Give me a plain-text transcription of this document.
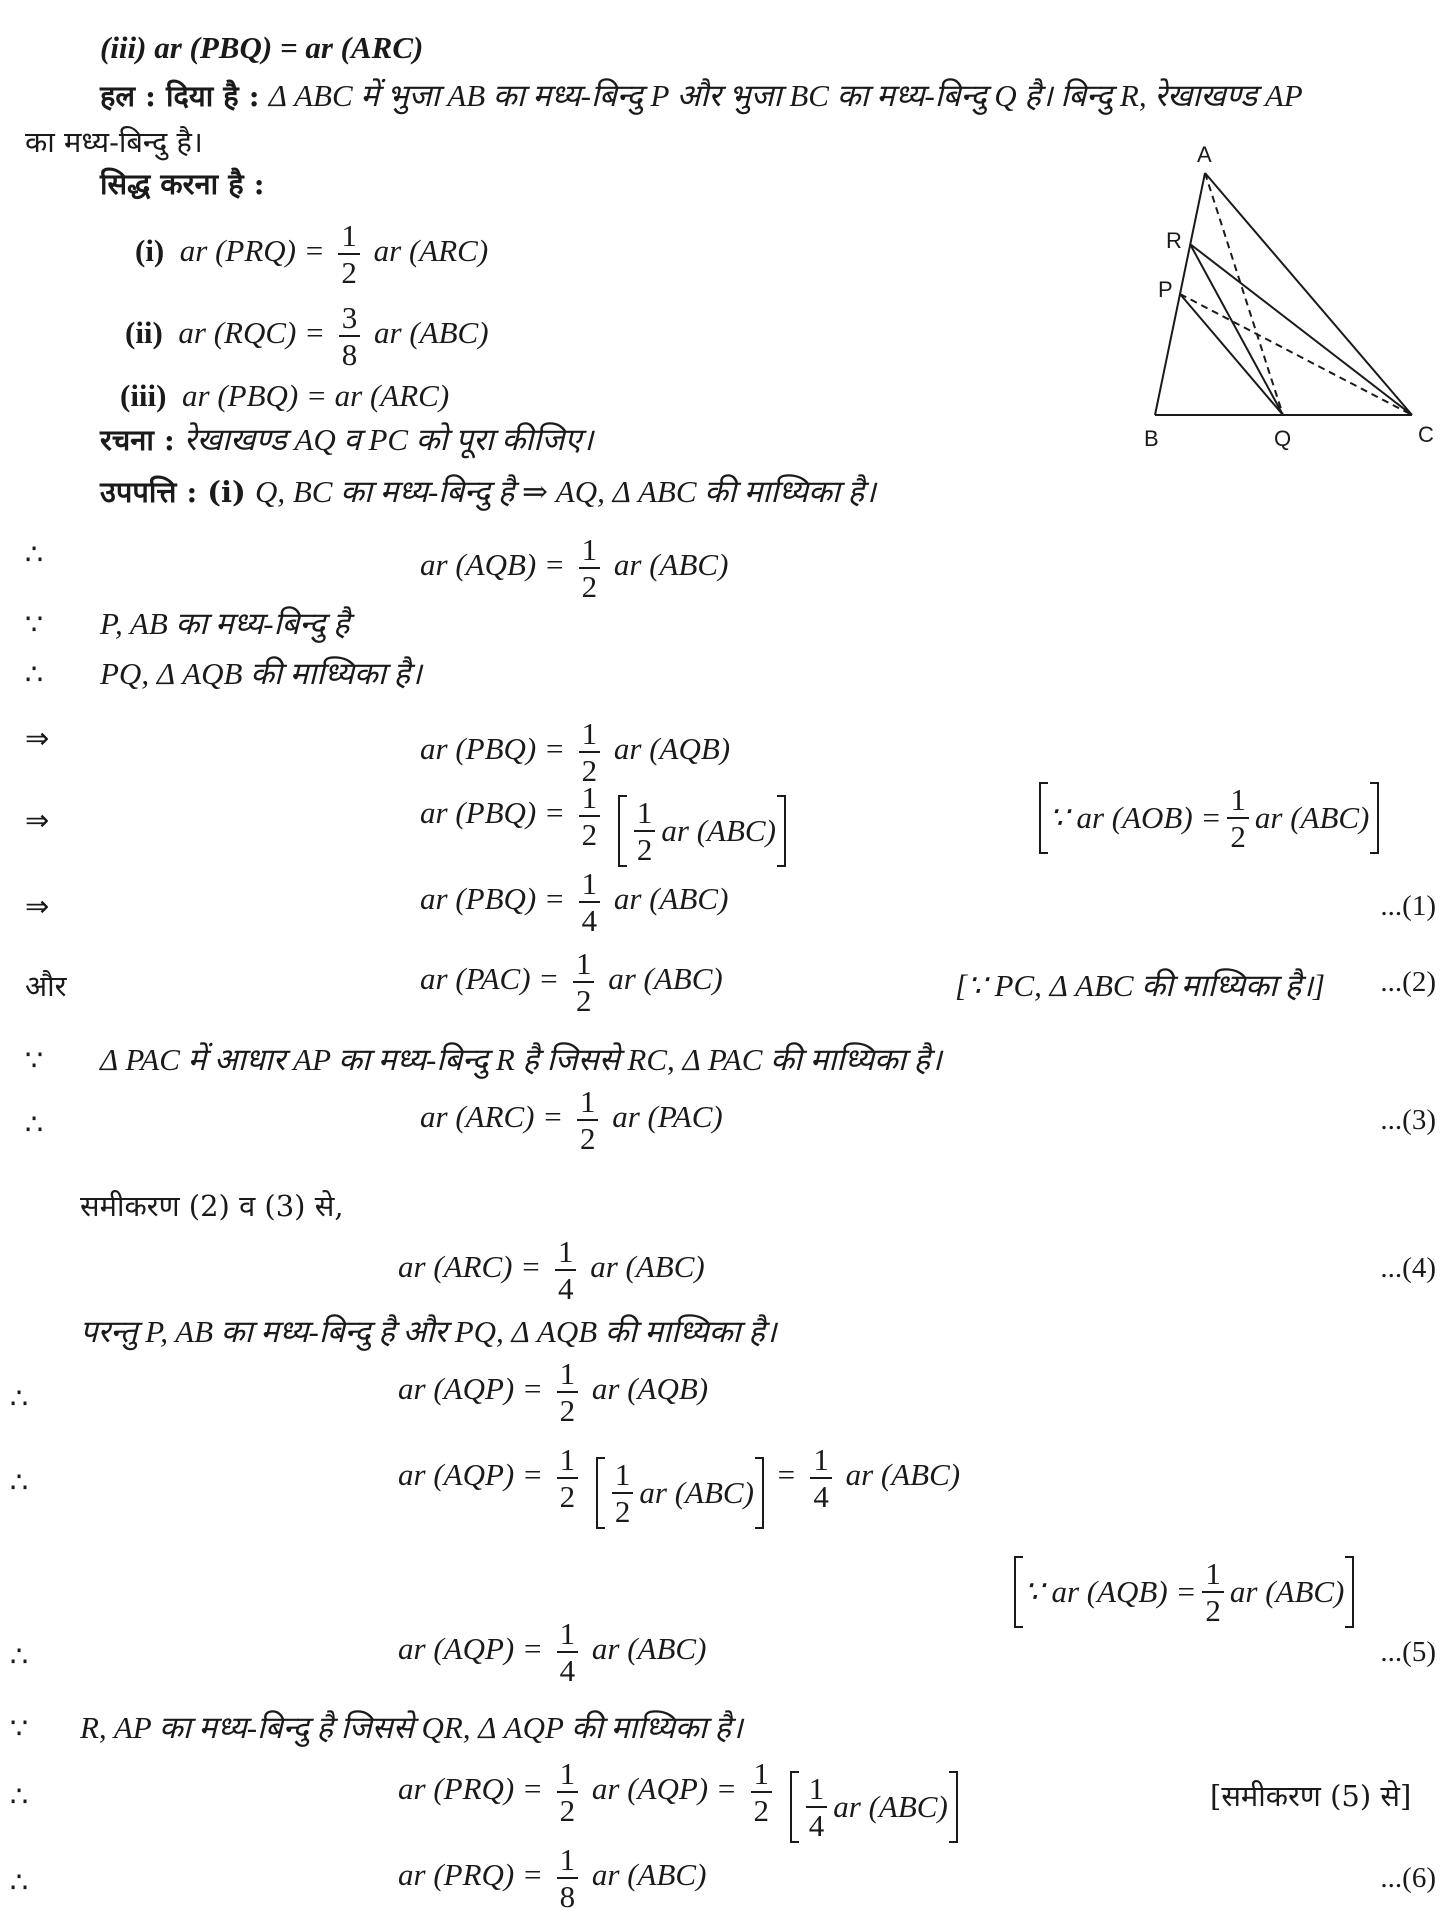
(iii) ar (PBQ) = ar (ARC)
हल : दिया है : Δ ABC में भुजा AB का मध्य-बिन्दु P और भुजा BC का मध्य-बिन्दु Q है। बिन्दु R, रेखाखण्ड AP
का मध्य-बिन्दु है।
सिद्ध करना है :
(i) ar $(PRQ) = \frac{1}{2}$ ar (ARC)
(ii) ar $(RQC) = \frac{3}{8}$ ar (ABC)
(iii) ar (PBQ) = ar (ARC)
रचना : रेखाखण्ड AQ व PC को पूरा कीजिए।
उपपत्ति : (i) Q, BC का मध्य-बिन्दु है ⇒ AQ, Δ ABC की माध्यिका है।
A
R
P
B	Q	C
∴	ar $(AQB) = \frac{1}{2}$ ar (ABC)
∵ P, AB का मध्य-बिन्दु है
∴ PQ, Δ AQB की माध्यिका है।
⇒	ar $(PBQ) = \frac{1}{2}$ ar (AQB)
⇒	ar $(PBQ) = \frac{1}{2}$
$\frac{1}{2}$ ar (ABC)	∵ ar $(AOB) = \frac{1}{2}$ ar (ABC)
⇒	ar $(PBQ) = \frac{1}{4}$ ar (ABC)	...(1)
और	ar $(PAC) = \frac{1}{2}$ ar (ABC)	[∵ PC, Δ ABC की माध्यिका है।] ...(2)
∵ Δ PAC में आधार AP का मध्य-बिन्दु R है जिससे RC, Δ PAC की माध्यिका है।
∴	ar $(ARC) = \frac{1}{2}$ ar (PAC)	...(3)
समीकरण (2) व (3) से,
ar $(ARC) = \frac{1}{4}$ ar (ABC)	...(4)
परन्तु P, AB का मध्य-बिन्दु है और PQ, Δ AQB की माध्यिका है।
∴	ar $(AQP) = \frac{1}{2}$ ar (AQB)
∴	ar $(AQP) = \frac{1}{2}$
$\frac{1}{2}$ ar (ABC)
= $\frac{1}{4}$ ar (ABC)
∵ ar $(AQB) = \frac{1}{2}$ ar (ABC)
∴	ar $(AQP) = \frac{1}{4}$ ar (ABC)	...(5)
∵ R, AP का मध्य-बिन्दु है जिससे QR, Δ AQP की माध्यिका है।
∴	ar $(PRQ) = \frac{1}{2}$ ar $(AQP) = \frac{1}{2}$
$\frac{1}{4}$ ar (ABC)	[समीकरण (5) से]
∴	ar $(PRQ) = \frac{1}{8}$ ar (ABC)	...(6)
